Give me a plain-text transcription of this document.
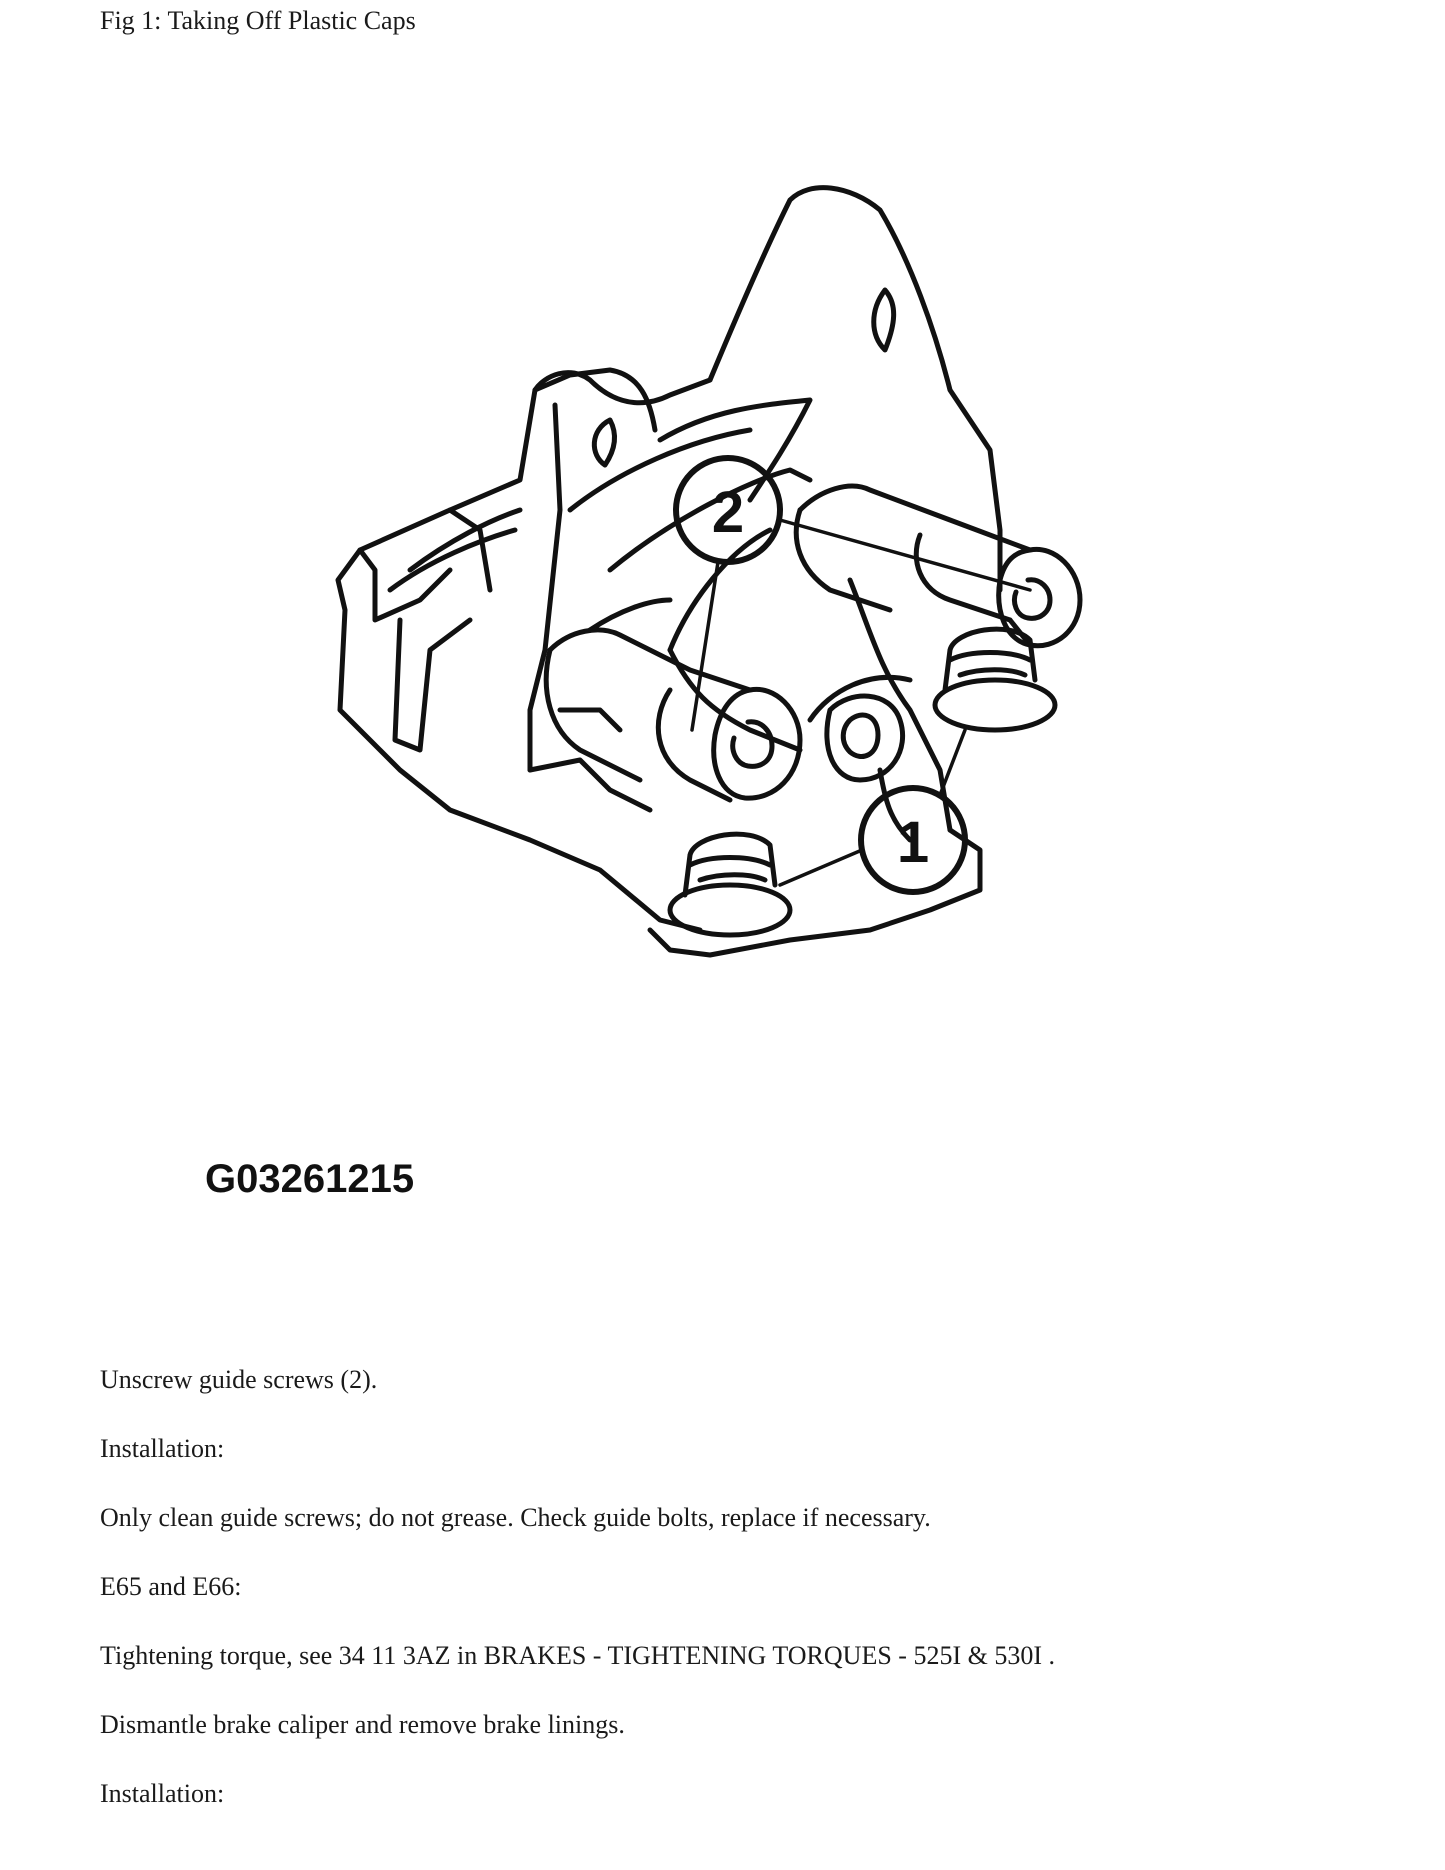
Fig 1: Taking Off Plastic Caps
2
1
G03261215

Unscrew guide screws (2).

Installation:

Only clean guide screws; do not grease. Check guide bolts, replace if necessary.

E65 and E66:

Tightening torque, see 34 11 3AZ in BRAKES - TIGHTENING TORQUES - 525I & 530I .

Dismantle brake caliper and remove brake linings.

Installation:
